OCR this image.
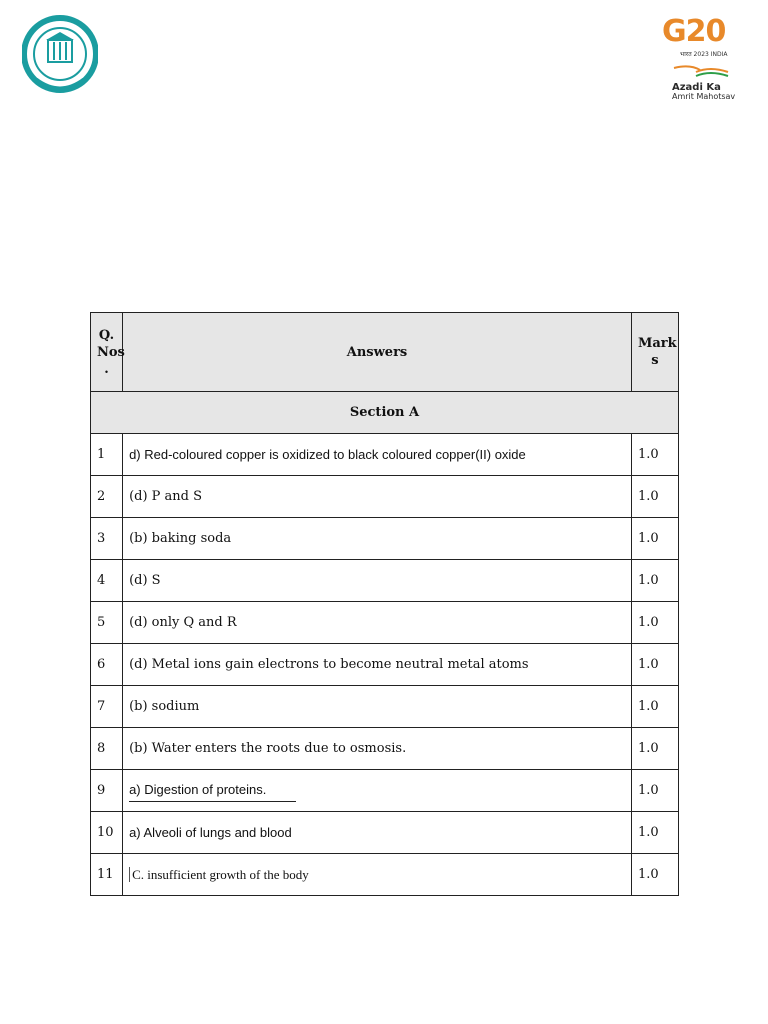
G20
भारत 2023 INDIA
Azadi Ka
Amrit Mahotsav
Q. Nos .	Answers	Mark s
Section A		
1	d) Red-coloured copper is oxidized to black coloured copper(II) oxide	1.0
2	(d) P and S	1.0
3	(b) baking soda	1.0
4	(d) S	1.0
5	(d) only Q and R	1.0
6	(d) Metal ions gain electrons to become neutral metal atoms	1.0
7	(b) sodium	1.0
8	(b) Water enters the roots due to osmosis.	1.0
9	a) Digestion of proteins.	1.0
10	a) Alveoli of lungs and blood	1.0
11	C. insufficient growth of the body	1.0
